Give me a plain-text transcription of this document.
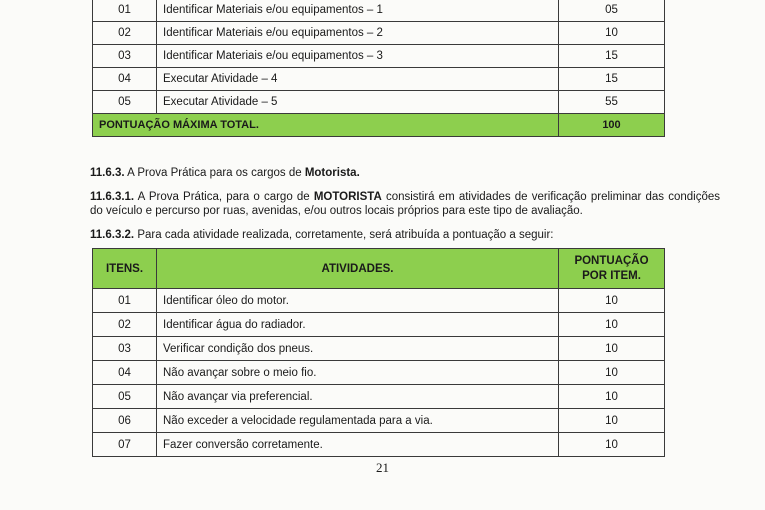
01	Identificar Materiais e/ou equipamentos – 1	05
02	Identificar Materiais e/ou equipamentos – 2	10
03	Identificar Materiais e/ou equipamentos – 3	15
04	Executar Atividade – 4	15
05	Executar Atividade – 5	55
PONTUAÇÃO MÁXIMA TOTAL.		100

11.6.3. A Prova Prática para os cargos de Motorista.

11.6.3.1. A Prova Prática, para o cargo de MOTORISTA consistirá em atividades de verificação preliminar das condições do veículo e percurso por ruas, avenidas, e/ou outros locais próprios para este tipo de avaliação.

11.6.3.2. Para cada atividade realizada, corretamente, será atribuída a pontuação a seguir:

ITENS.	ATIVIDADES.	PONTUAÇÃO
POR ITEM.
01	Identificar óleo do motor.	10
02	Identificar água do radiador.	10
03	Verificar condição dos pneus.	10
04	Não avançar sobre o meio fio.	10
05	Não avançar via preferencial.	10
06	Não exceder a velocidade regulamentada para a via.	10
07	Fazer conversão corretamente.	10
21
